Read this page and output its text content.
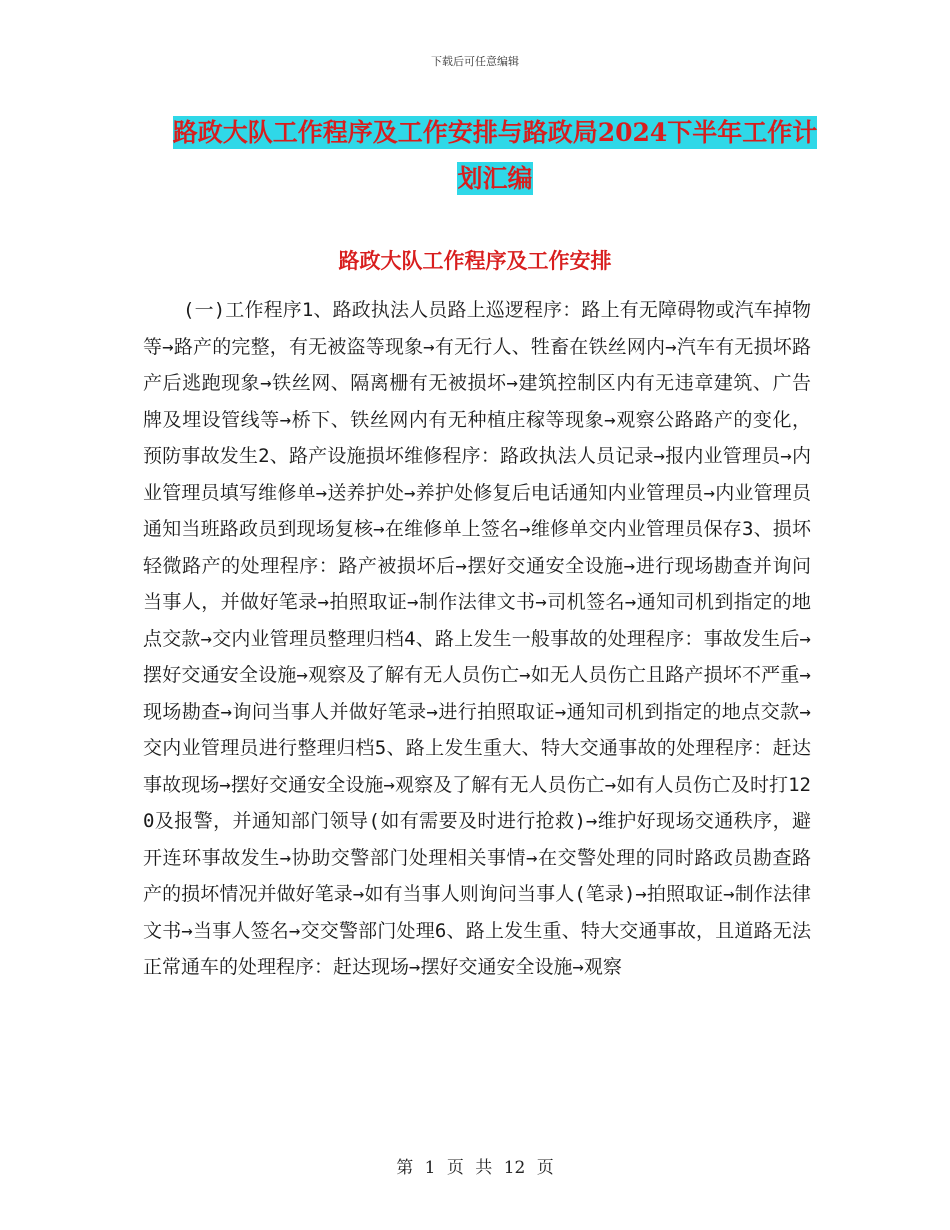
下载后可任意编辑
路政大队工作程序及工作安排与路政局2024下半年工作计划汇编
路政大队工作程序及工作安排

(一)工作程序1、路政执法人员路上巡逻程序：路上有无障碍物或汽车掉物等→路产的完整，有无被盗等现象→有无行人、牲畜在铁丝网内→汽车有无损坏路产后逃跑现象→铁丝网、隔离栅有无被损坏→建筑控制区内有无违章建筑、广告牌及埋设管线等→桥下、铁丝网内有无种植庄稼等现象→观察公路路产的变化，预防事故发生2、路产设施损坏维修程序：路政执法人员记录→报内业管理员→内业管理员填写维修单→送养护处→养护处修复后电话通知内业管理员→内业管理员通知当班路政员到现场复核→在维修单上签名→维修单交内业管理员保存3、损坏轻微路产的处理程序：路产被损坏后→摆好交通安全设施→进行现场勘查并询问当事人，并做好笔录→拍照取证→制作法律文书→司机签名→通知司机到指定的地点交款→交内业管理员整理归档4、路上发生一般事故的处理程序：事故发生后→摆好交通安全设施→观察及了解有无人员伤亡→如无人员伤亡且路产损坏不严重→现场勘查→询问当事人并做好笔录→进行拍照取证→通知司机到指定的地点交款→交内业管理员进行整理归档5、路上发生重大、特大交通事故的处理程序：赶达事故现场→摆好交通安全设施→观察及了解有无人员伤亡→如有人员伤亡及时打120及报警，并通知部门领导(如有需要及时进行抢救)→维护好现场交通秩序，避开连环事故发生→协助交警部门处理相关事情→在交警处理的同时路政员勘查路产的损坏情况并做好笔录→如有当事人则询问当事人(笔录)→拍照取证→制作法律文书→当事人签名→交交警部门处理6、路上发生重、特大交通事故，且道路无法正常通车的处理程序：赶达现场→摆好交通安全设施→观察

第 1 页 共 12 页
